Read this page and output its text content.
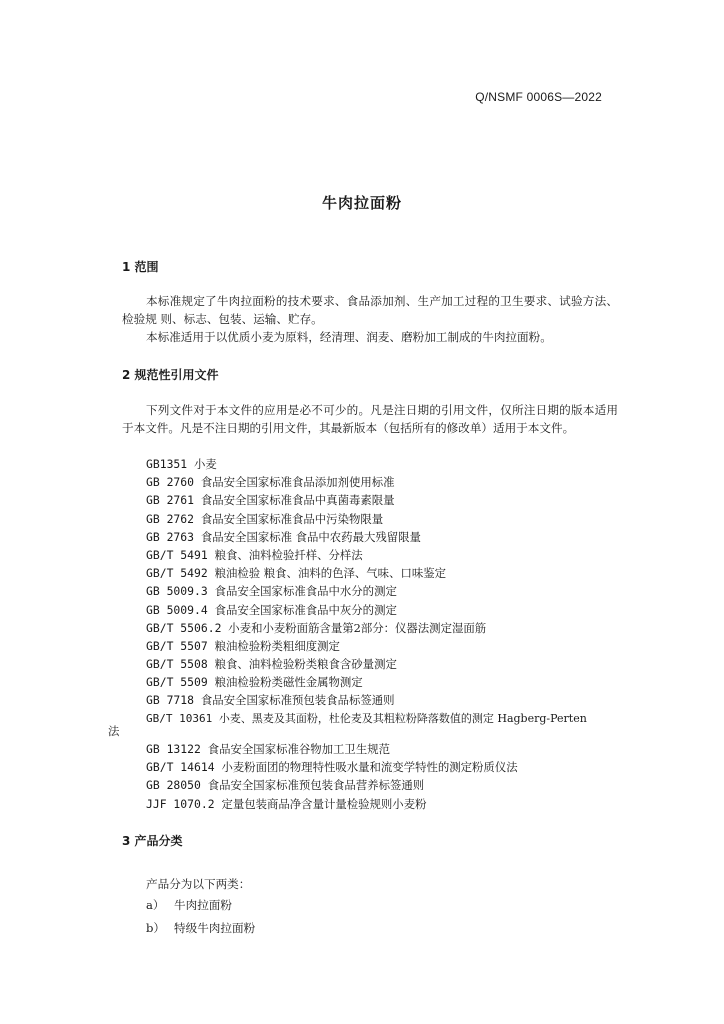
Q/NSMF 0006S—2022
牛肉拉面粉
1 范围
本标准规定了牛肉拉面粉的技术要求、食品添加剂、生产加工过程的卫生要求、试验方法、检验规 则、标志、包装、运输、贮存。
本标准适用于以优质小麦为原料，经清理、润麦、磨粉加工制成的牛肉拉面粉。
2 规范性引用文件
下列文件对于本文件的应用是必不可少的。凡是注日期的引用文件，仅所注日期的版本适用于本文件。凡是不注日期的引用文件，其最新版本（包括所有的修改单）适用于本文件。
GB1351 小麦
GB 2760 食品安全国家标准食品添加剂使用标准
GB 2761 食品安全国家标准食品中真菌毒素限量
GB 2762 食品安全国家标准食品中污染物限量
GB 2763 食品安全国家标准 食品中农药最大残留限量
GB/T 5491 粮食、油料检验扦样、分样法
GB/T 5492 粮油检验 粮食、油料的色泽、气味、口味鉴定
GB 5009.3 食品安全国家标准食品中水分的测定
GB 5009.4 食品安全国家标准食品中灰分的测定
GB/T 5506.2 小麦和小麦粉面筋含量第2部分：仪器法测定湿面筋
GB/T 5507 粮油检验粉类粗细度测定
GB/T 5508 粮食、油料检验粉类粮食含砂量测定
GB/T 5509 粮油检验粉类磁性金属物测定
GB 7718 食品安全国家标准预包装食品标签通则
GB/T 10361 小麦、黑麦及其面粉，杜伦麦及其粗粒粉降落数值的测定 Hagberg-Perten
法
GB 13122 食品安全国家标准谷物加工卫生规范
GB/T 14614 小麦粉面团的物理特性吸水量和流变学特性的测定粉质仪法
GB 28050 食品安全国家标准预包装食品营养标签通则
JJF 1070.2 定量包装商品净含量计量检验规则小麦粉
3 产品分类
产品分为以下两类：
a） 牛肉拉面粉
b） 特级牛肉拉面粉
